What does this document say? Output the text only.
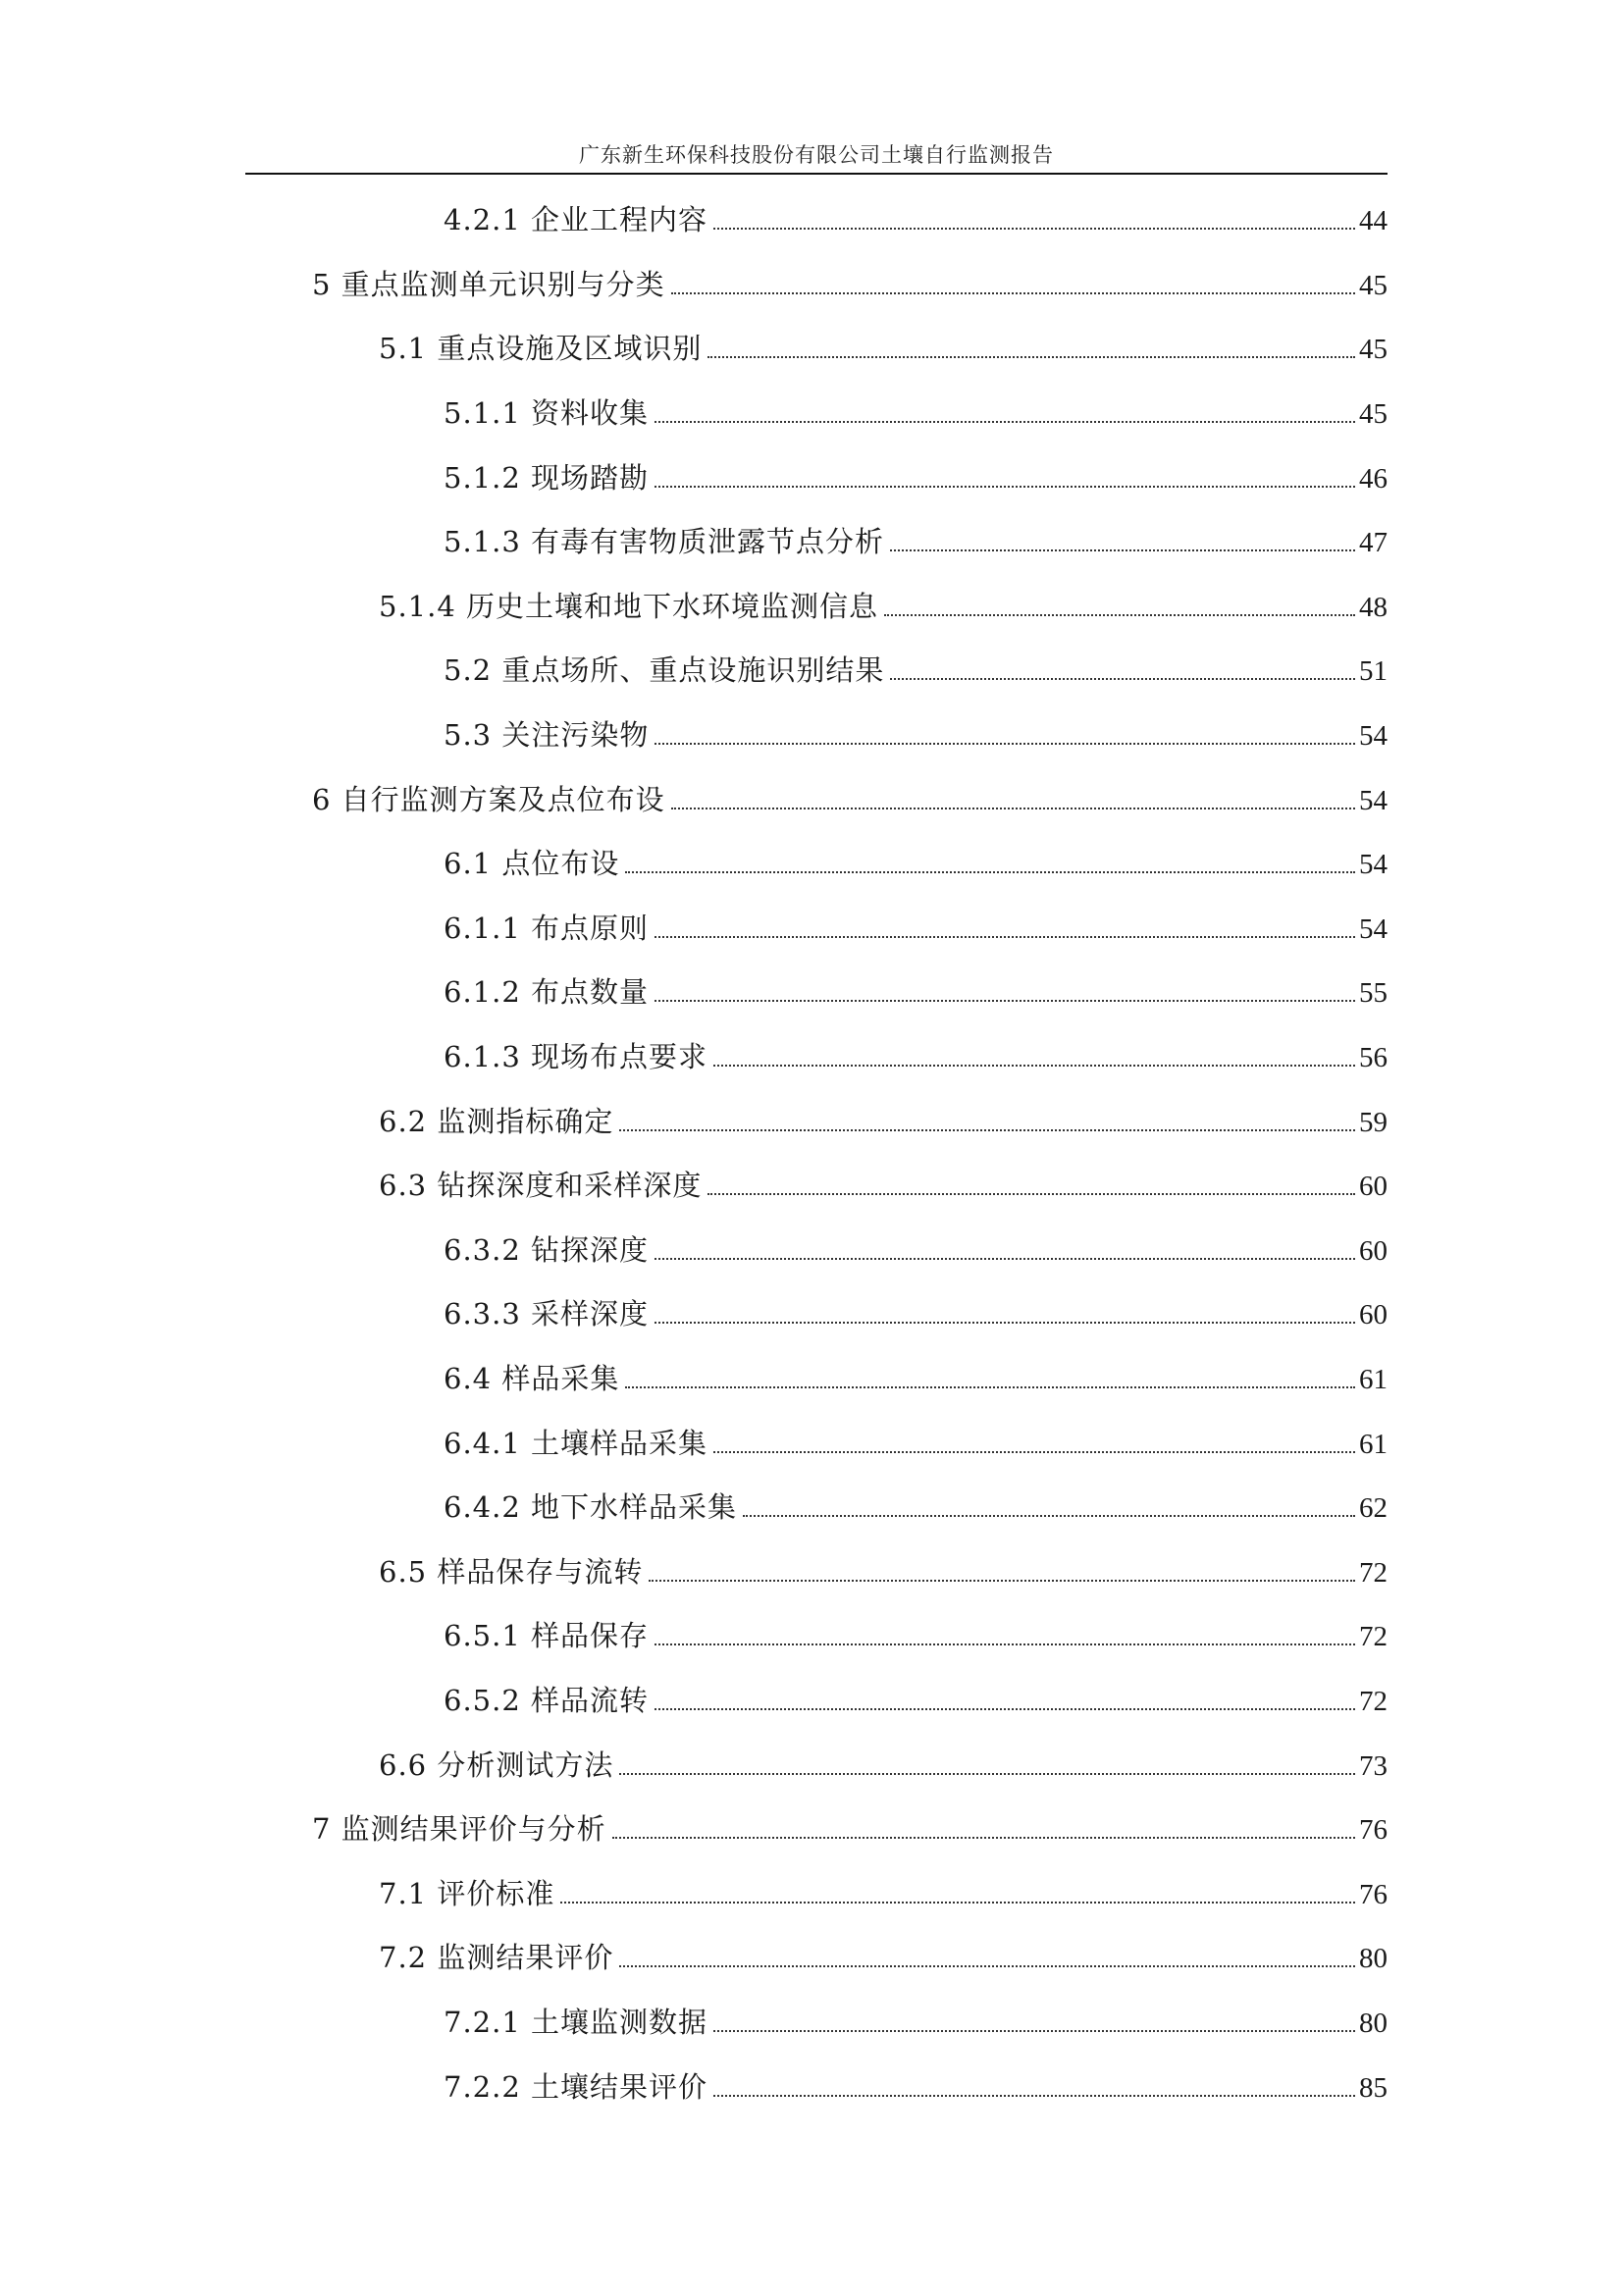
广东新生环保科技股份有限公司土壤自行监测报告
4.2.1 企业工程内容	44
5 重点监测单元识别与分类	45
5.1 重点设施及区域识别	45
5.1.1 资料收集	45
5.1.2 现场踏勘	46
5.1.3 有毒有害物质泄露节点分析	47
5.1.4 历史土壤和地下水环境监测信息	48
5.2 重点场所、重点设施识别结果	51
5.3 关注污染物	54
6 自行监测方案及点位布设	54
6.1 点位布设	54
6.1.1 布点原则	54
6.1.2 布点数量	55
6.1.3 现场布点要求	56
6.2 监测指标确定	59
6.3 钻探深度和采样深度	60
6.3.2 钻探深度	60
6.3.3 采样深度	60
6.4 样品采集	61
6.4.1 土壤样品采集	61
6.4.2 地下水样品采集	62
6.5 样品保存与流转	72
6.5.1 样品保存	72
6.5.2 样品流转	72
6.6 分析测试方法	73
7 监测结果评价与分析	76
7.1 评价标准	76
7.2 监测结果评价	80
7.2.1 土壤监测数据	80
7.2.2 土壤结果评价	85
